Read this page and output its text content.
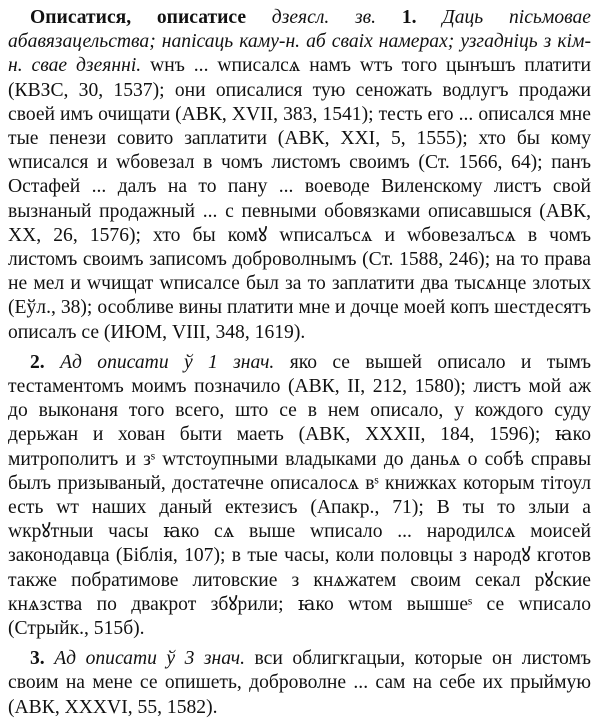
Описатися, описатисе дзеясл. зв. 1. Даць пісьмовае абавязацельства; напісаць каму-н. аб сваіх намерах; узгадніць з кім-н. свае дзеянні. wнъ ... wписалсѧ намъ wтъ того цынъшъ платити (КВЗС, 30, 1537); они описалися тую сеножать водлугъ продажи своей имъ очищати (АВК, XVII, 383, 1541); тесть его ... описался мне тые пенези совито заплатити (АВК, XXI, 5, 1555); хто бы кому wписался и wбовезал в чомъ листомъ своимъ (Ст. 1566, 64); панъ Остафей ... далъ на то пану ... воеводе Виленскому листъ свой вызнаный продажный ... с певными обовязками описавшыся (АВК, XX, 26, 1576); хто бы комꙋ wписалъсѧ и wбовезалъсѧ в чомъ листомъ своимъ записомъ доброволнымъ (Ст. 1588, 246); на то права не мел и wчищат wписалсе был за то заплатити два тысѧнце злотых (Еўл., 38); особливе вины платити мне и дочце моей копъ шестдесятъ описалъ се (ИЮМ, VIII, 348, 1619).

2. Ад описати ў 1 знач. яко се вышей описало и тымъ тестаментомъ моимъ позначило (АВК, II, 212, 1580); листъ мой аж до выконаня того всего, што се в нем описало, у кождого суду дерьжан и хован быти маеть (АВК, XXXII, 184, 1596); ꙗко митрополитъ и зˢ wтстоупными владыками до даньѧ о собѣ справы былъ призываный, достатечне описалосѧ вˢ книжках которым тітоул есть wт наших даный ектезисъ (Апакр., 71); В ты то злыи а wкрꙋтныи часы ꙗко сѧ выше wписало ... народилсѧ моисей законодавца (Біблія, 107); в тые часы, коли половцы з народꙋ кготов также побратимове литовские з кнѧжатем своим секал рꙋские кнѧзства по двакрот збꙋрили; ꙗко wтом вышшеˢ се wписало (Стрыйк., 515б).

3. Ад описати ў 3 знач. вси облигкгацыи, которые он листомъ своим на мене се опишеть, доброволне ... сам на себе их прыймую (АВК, XXXVI, 55, 1582).
